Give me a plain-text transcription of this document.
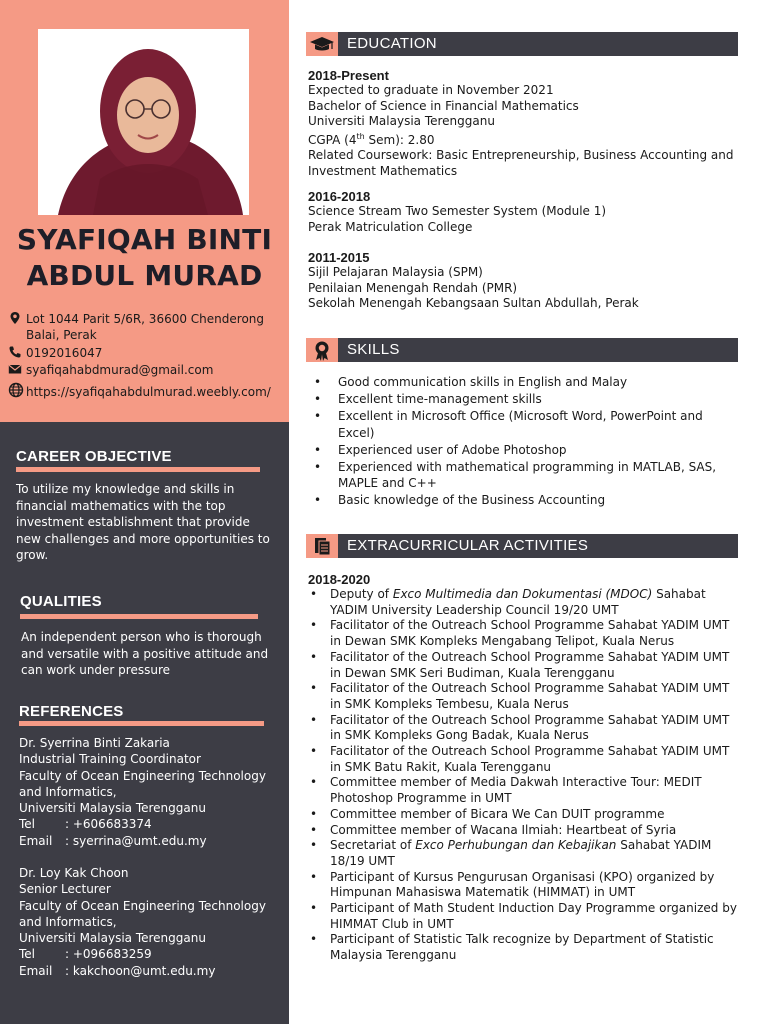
SYAFIQAH BINTI
ABDUL MURAD
Lot 1044 Parit 5/6R, 36600 Chenderong
Balai, Perak
0192016047
syafiqahabdmurad@gmail.com
https://syafiqahabdulmurad.weebly.com/
CAREER OBJECTIVE
To utilize my knowledge and skills in financial mathematics with the top investment establishment that provide new challenges and more opportunities to grow.
QUALITIES
An independent person who is thorough and versatile with a positive attitude and can work under pressure
REFERENCES
Dr. Syerrina Binti Zakaria
Industrial Training Coordinator
Faculty of Ocean Engineering Technology
and Informatics,
Universiti Malaysia Terengganu
Tel : +606683374
Email : syerrina@umt.edu.my
Dr. Loy Kak Choon
Senior Lecturer
Faculty of Ocean Engineering Technology
and Informatics,
Universiti Malaysia Terengganu
Tel : +096683259
Email : kakchoon@umt.edu.my
EDUCATION
2018-Present
Expected to graduate in November 2021
Bachelor of Science in Financial Mathematics
Universiti Malaysia Terengganu
CGPA (4th Sem): 2.80
Related Coursework: Basic Entrepreneurship, Business Accounting and
Investment Mathematics
2016-2018
Science Stream Two Semester System (Module 1)
Perak Matriculation College
2011-2015
Sijil Pelajaran Malaysia (SPM)
Penilaian Menengah Rendah (PMR)
Sekolah Menengah Kebangsaan Sultan Abdullah, Perak
SKILLS
• Good communication skills in English and Malay
• Excellent time-management skills
• Excellent in Microsoft Office (Microsoft Word, PowerPoint and Excel)
• Experienced user of Adobe Photoshop
• Experienced with mathematical programming in MATLAB, SAS, MAPLE and C++
• Basic knowledge of the Business Accounting
EXTRACURRICULAR ACTIVITIES
2018-2020
• Deputy of Exco Multimedia dan Dokumentasi (MDOC) Sahabat YADIM University Leadership Council 19/20 UMT
• Facilitator of the Outreach School Programme Sahabat YADIM UMT in Dewan SMK Kompleks Mengabang Telipot, Kuala Nerus
• Facilitator of the Outreach School Programme Sahabat YADIM UMT in Dewan SMK Seri Budiman, Kuala Terengganu
• Facilitator of the Outreach School Programme Sahabat YADIM UMT in SMK Kompleks Tembesu, Kuala Nerus
• Facilitator of the Outreach School Programme Sahabat YADIM UMT in SMK Kompleks Gong Badak, Kuala Nerus
• Facilitator of the Outreach School Programme Sahabat YADIM UMT in SMK Batu Rakit, Kuala Terengganu
• Committee member of Media Dakwah Interactive Tour: MEDIT Photoshop Programme in UMT
• Committee member of Bicara We Can DUIT programme
• Committee member of Wacana Ilmiah: Heartbeat of Syria
• Secretariat of Exco Perhubungan dan Kebajikan Sahabat YADIM 18/19 UMT
• Participant of Kursus Pengurusan Organisasi (KPO) organized by Himpunan Mahasiswa Matematik (HIMMAT) in UMT
• Participant of Math Student Induction Day Programme organized by HIMMAT Club in UMT
• Participant of Statistic Talk recognize by Department of Statistic Malaysia Terengganu
